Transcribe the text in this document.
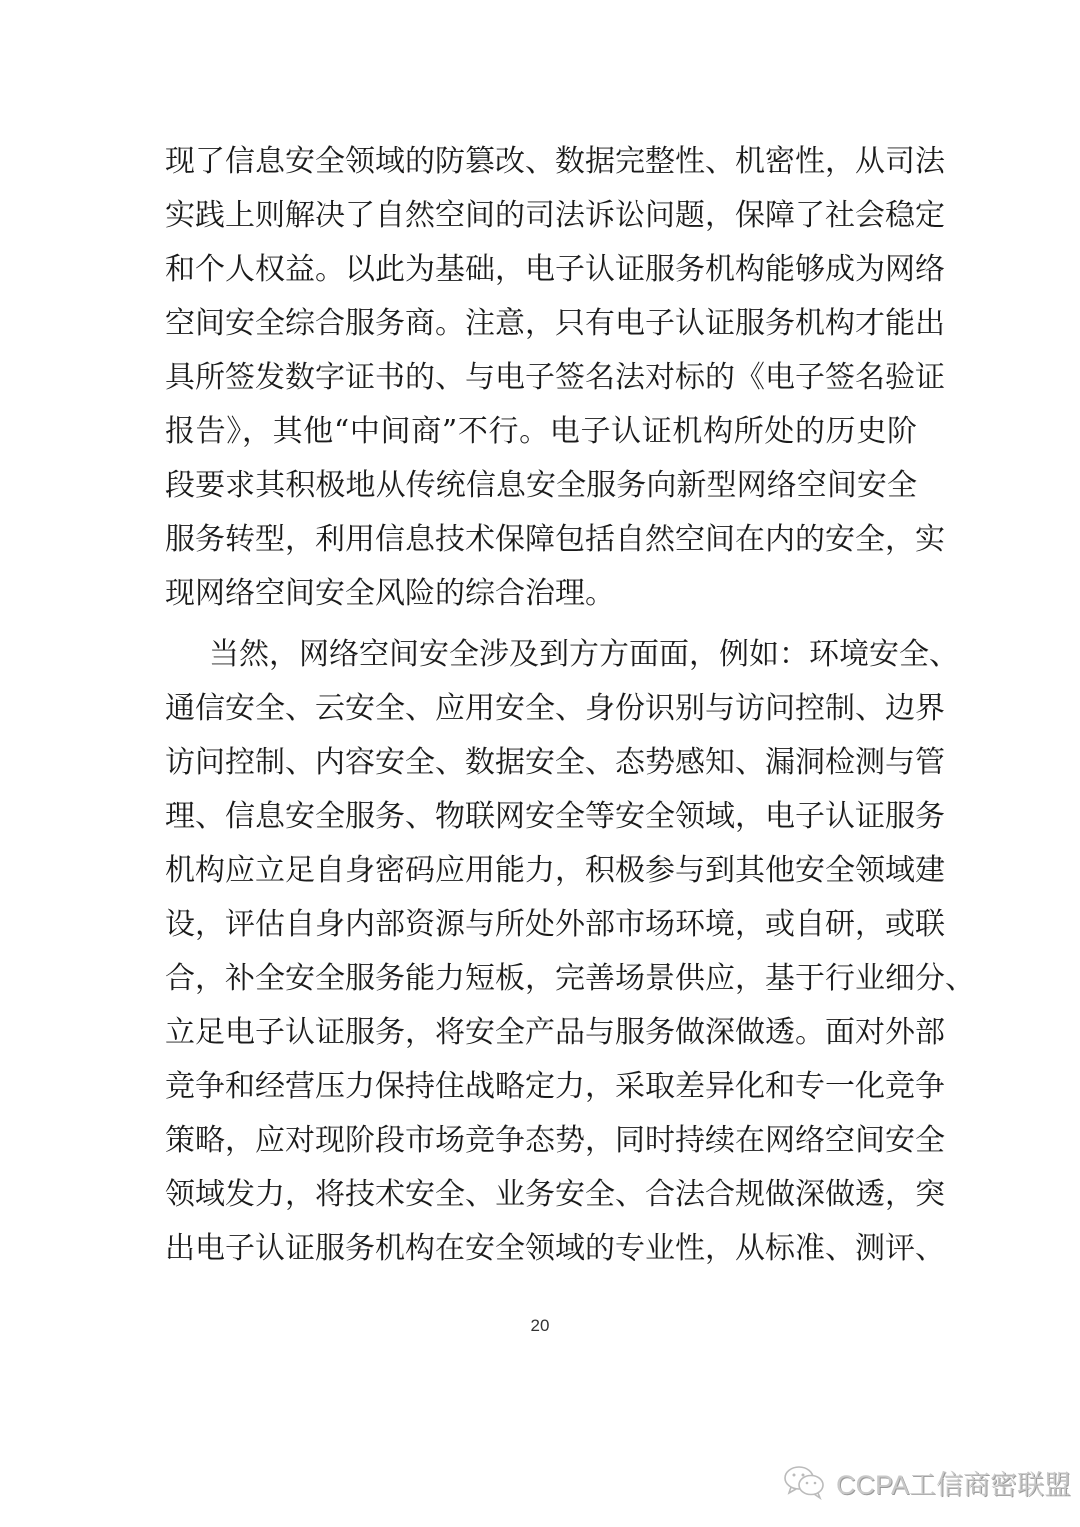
现了信息安全领域的防篡改、数据完整性、机密性，从司法
实践上则解决了自然空间的司法诉讼问题，保障了社会稳定
和个人权益。以此为基础，电子认证服务机构能够成为网络
空间安全综合服务商。注意，只有电子认证服务机构才能出
具所签发数字证书的、与电子签名法对标的《电子签名验证
报告》，其他“中间商”不行。电子认证机构所处的历史阶
段要求其积极地从传统信息安全服务向新型网络空间安全
服务转型，利用信息技术保障包括自然空间在内的安全，实
现网络空间安全风险的综合治理。
当然，网络空间安全涉及到方方面面，例如：环境安全、
通信安全、云安全、应用安全、身份识别与访问控制、边界
访问控制、内容安全、数据安全、态势感知、漏洞检测与管
理、信息安全服务、物联网安全等安全领域，电子认证服务
机构应立足自身密码应用能力，积极参与到其他安全领域建
设，评估自身内部资源与所处外部市场环境，或自研，或联
合，补全安全服务能力短板，完善场景供应，基于行业细分、
立足电子认证服务，将安全产品与服务做深做透。面对外部
竞争和经营压力保持住战略定力，采取差异化和专一化竞争
策略，应对现阶段市场竞争态势，同时持续在网络空间安全
领域发力，将技术安全、业务安全、合法合规做深做透，突
出电子认证服务机构在安全领域的专业性，从标准、测评、
20
CCPA工信商密联盟
